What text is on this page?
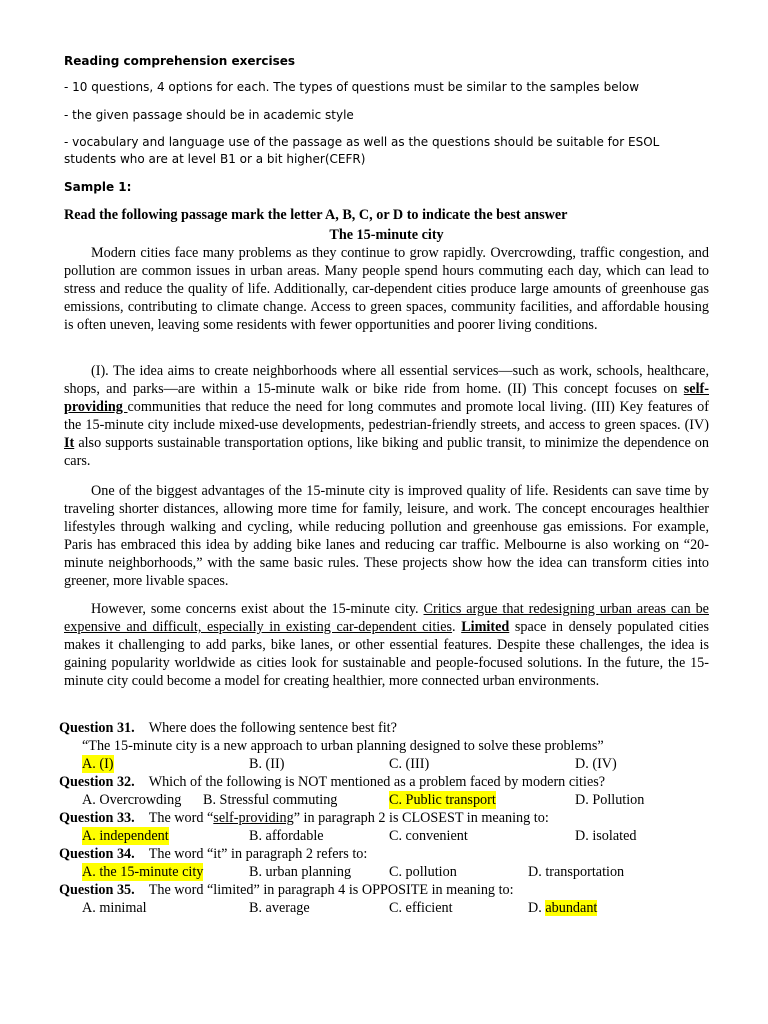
Reading comprehension exercises
- 10 questions, 4 options for each. The types of questions must be similar to the samples below
- the given passage should be in academic style
- vocabulary and language use of the passage as well as the questions should be suitable for ESOL students who are at level B1 or a bit higher(CEFR)
Sample 1:
Read the following passage mark the letter A, B, C, or D to indicate the best answer
The 15-minute city

Modern cities face many problems as they continue to grow rapidly. Overcrowding, traffic congestion, and pollution are common issues in urban areas. Many people spend hours commuting each day, which can lead to stress and reduce the quality of life. Additionally, car-dependent cities produce large amounts of greenhouse gas emissions, contributing to climate change. Access to green spaces, community facilities, and affordable housing is often uneven, leaving some residents with fewer opportunities and poorer living conditions.

(I). The idea aims to create neighborhoods where all essential services—such as work, schools, healthcare, shops, and parks—are within a 15-minute walk or bike ride from home. (II) This concept focuses on self-providing communities that reduce the need for long commutes and promote local living. (III) Key features of the 15-minute city include mixed-use developments, pedestrian-friendly streets, and access to green spaces. (IV) It also supports sustainable transportation options, like biking and public transit, to minimize the dependence on cars.

One of the biggest advantages of the 15-minute city is improved quality of life. Residents can save time by traveling shorter distances, allowing more time for family, leisure, and work. The concept encourages healthier lifestyles through walking and cycling, while reducing pollution and greenhouse gas emissions. For example, Paris has embraced this idea by adding bike lanes and reducing car traffic. Melbourne is also working on “20-minute neighborhoods,” with the same basic rules. These projects show how the idea can transform cities into greener, more livable spaces.

However, some concerns exist about the 15-minute city. Critics argue that redesigning urban areas can be expensive and difficult, especially in existing car-dependent cities. Limited space in densely populated cities makes it challenging to add parks, bike lanes, or other essential features. Despite these challenges, the idea is gaining popularity worldwide as cities look for sustainable and people-focused solutions. In the future, the 15-minute city could become a model for creating healthier, more connected urban environments.

Question 31. Where does the following sentence best fit?
“The 15-minute city is a new approach to urban planning designed to solve these problems”
A. (I)	B. (II)	C. (III)	D. (IV)
Question 32. Which of the following is NOT mentioned as a problem faced by modern cities?
A. Overcrowding B. Stressful commuting	C. Public transport	D. Pollution
Question 33. The word “self-providing” in paragraph 2 is CLOSEST in meaning to:
A. independent	B. affordable	C. convenient	D. isolated
Question 34. The word “it” in paragraph 2 refers to:
A. the 15-minute city	B. urban planning	C. pollution	D. transportation
Question 35. The word “limited” in paragraph 4 is OPPOSITE in meaning to:
A. minimal	B. average	C. efficient	D. abundant
